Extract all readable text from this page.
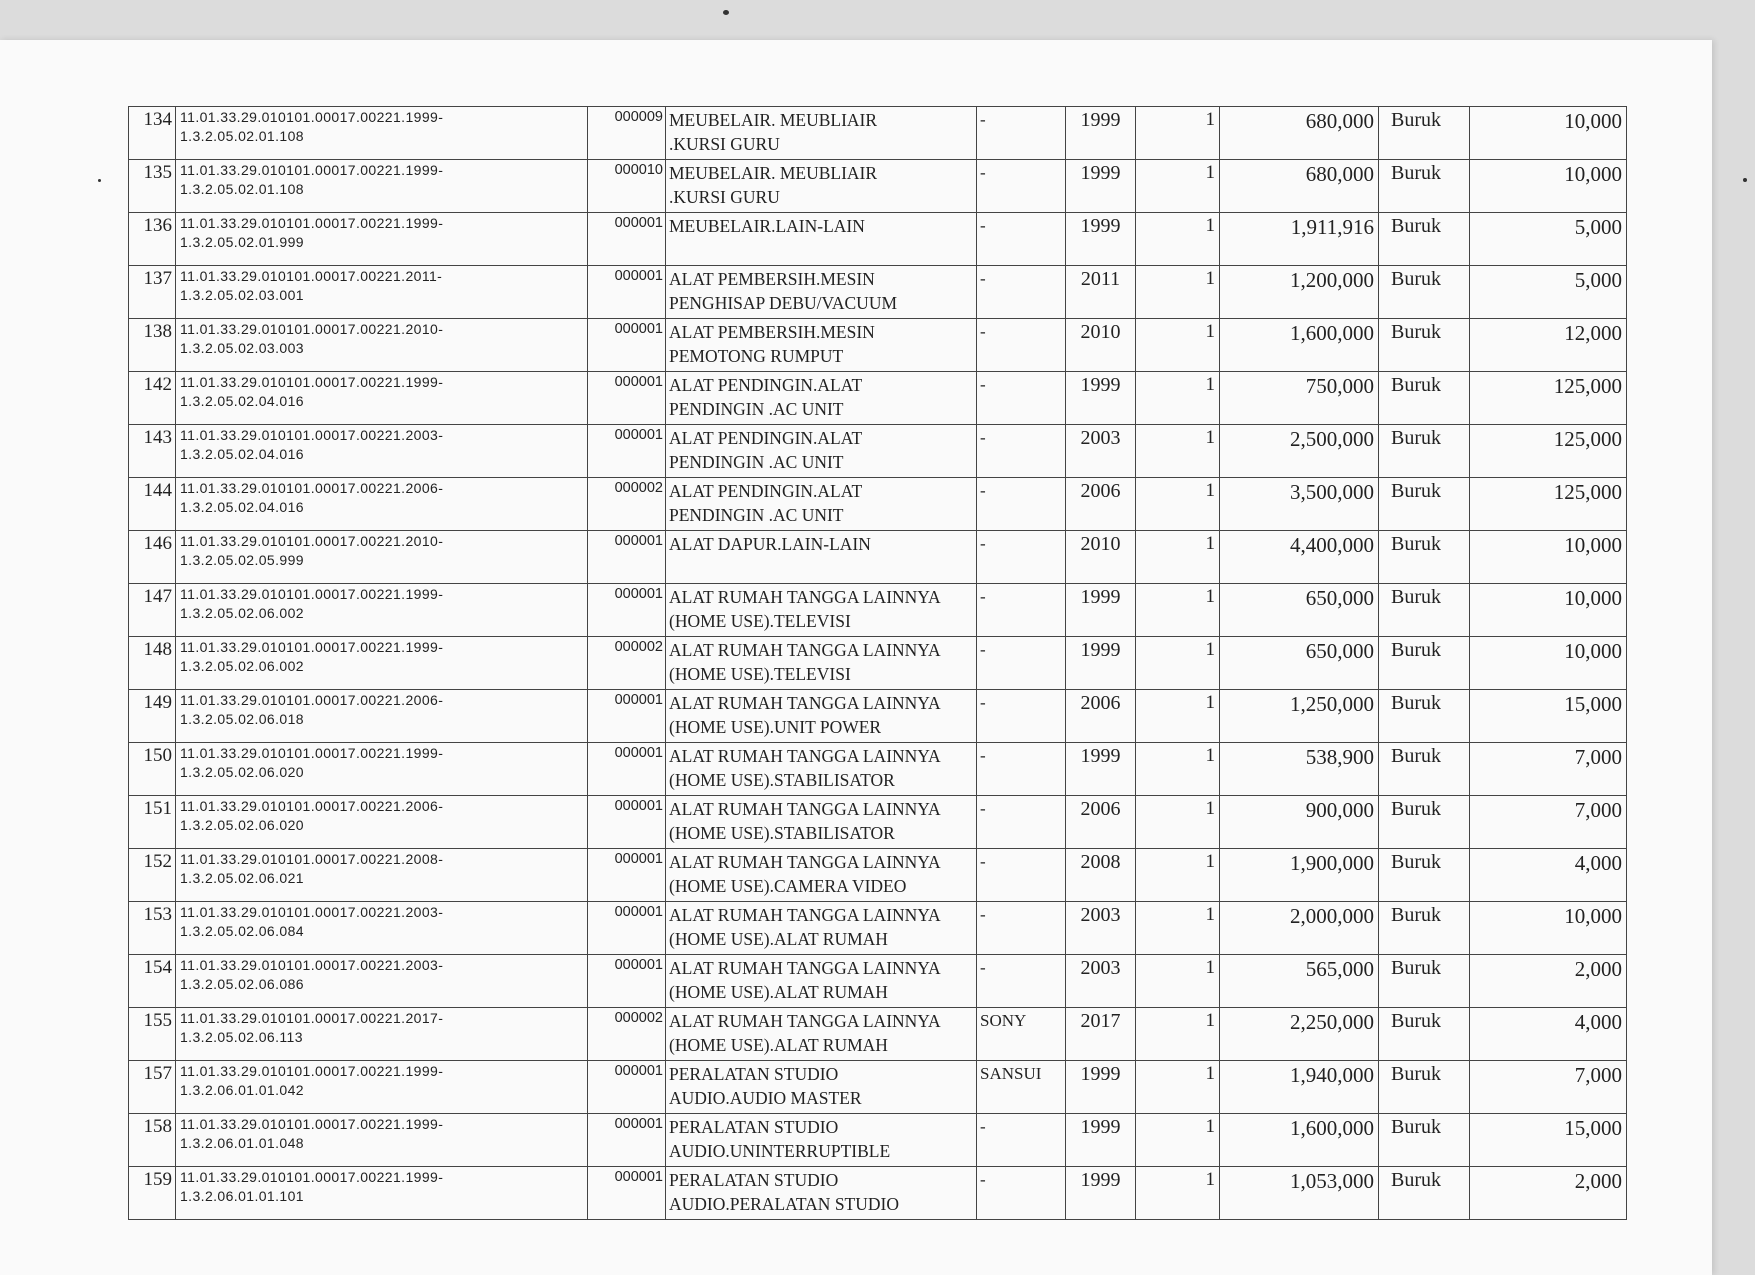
134	11.01.33.29.010101.00017.00221.1999-
1.3.2.05.02.01.108	000009	MEUBELAIR. MEUBLIAIR
.KURSI GURU	-	1999	1	680,000	Buruk	10,000
135	11.01.33.29.010101.00017.00221.1999-
1.3.2.05.02.01.108	000010	MEUBELAIR. MEUBLIAIR
.KURSI GURU	-	1999	1	680,000	Buruk	10,000
136	11.01.33.29.010101.00017.00221.1999-
1.3.2.05.02.01.999	000001	MEUBELAIR.LAIN-LAIN	-	1999	1	1,911,916	Buruk	5,000
137	11.01.33.29.010101.00017.00221.2011-
1.3.2.05.02.03.001	000001	ALAT PEMBERSIH.MESIN
PENGHISAP DEBU/VACUUM	-	2011	1	1,200,000	Buruk	5,000
138	11.01.33.29.010101.00017.00221.2010-
1.3.2.05.02.03.003	000001	ALAT PEMBERSIH.MESIN
PEMOTONG RUMPUT	-	2010	1	1,600,000	Buruk	12,000
142	11.01.33.29.010101.00017.00221.1999-
1.3.2.05.02.04.016	000001	ALAT PENDINGIN.ALAT
PENDINGIN .AC UNIT	-	1999	1	750,000	Buruk	125,000
143	11.01.33.29.010101.00017.00221.2003-
1.3.2.05.02.04.016	000001	ALAT PENDINGIN.ALAT
PENDINGIN .AC UNIT	-	2003	1	2,500,000	Buruk	125,000
144	11.01.33.29.010101.00017.00221.2006-
1.3.2.05.02.04.016	000002	ALAT PENDINGIN.ALAT
PENDINGIN .AC UNIT	-	2006	1	3,500,000	Buruk	125,000
146	11.01.33.29.010101.00017.00221.2010-
1.3.2.05.02.05.999	000001	ALAT DAPUR.LAIN-LAIN	-	2010	1	4,400,000	Buruk	10,000
147	11.01.33.29.010101.00017.00221.1999-
1.3.2.05.02.06.002	000001	ALAT RUMAH TANGGA LAINNYA
(HOME USE).TELEVISI	-	1999	1	650,000	Buruk	10,000
148	11.01.33.29.010101.00017.00221.1999-
1.3.2.05.02.06.002	000002	ALAT RUMAH TANGGA LAINNYA
(HOME USE).TELEVISI	-	1999	1	650,000	Buruk	10,000
149	11.01.33.29.010101.00017.00221.2006-
1.3.2.05.02.06.018	000001	ALAT RUMAH TANGGA LAINNYA
(HOME USE).UNIT POWER	-	2006	1	1,250,000	Buruk	15,000
150	11.01.33.29.010101.00017.00221.1999-
1.3.2.05.02.06.020	000001	ALAT RUMAH TANGGA LAINNYA
(HOME USE).STABILISATOR	-	1999	1	538,900	Buruk	7,000
151	11.01.33.29.010101.00017.00221.2006-
1.3.2.05.02.06.020	000001	ALAT RUMAH TANGGA LAINNYA
(HOME USE).STABILISATOR	-	2006	1	900,000	Buruk	7,000
152	11.01.33.29.010101.00017.00221.2008-
1.3.2.05.02.06.021	000001	ALAT RUMAH TANGGA LAINNYA
(HOME USE).CAMERA VIDEO	-	2008	1	1,900,000	Buruk	4,000
153	11.01.33.29.010101.00017.00221.2003-
1.3.2.05.02.06.084	000001	ALAT RUMAH TANGGA LAINNYA
(HOME USE).ALAT RUMAH	-	2003	1	2,000,000	Buruk	10,000
154	11.01.33.29.010101.00017.00221.2003-
1.3.2.05.02.06.086	000001	ALAT RUMAH TANGGA LAINNYA
(HOME USE).ALAT RUMAH	-	2003	1	565,000	Buruk	2,000
155	11.01.33.29.010101.00017.00221.2017-
1.3.2.05.02.06.113	000002	ALAT RUMAH TANGGA LAINNYA
(HOME USE).ALAT RUMAH	SONY	2017	1	2,250,000	Buruk	4,000
157	11.01.33.29.010101.00017.00221.1999-
1.3.2.06.01.01.042	000001	PERALATAN STUDIO
AUDIO.AUDIO MASTER	SANSUI	1999	1	1,940,000	Buruk	7,000
158	11.01.33.29.010101.00017.00221.1999-
1.3.2.06.01.01.048	000001	PERALATAN STUDIO
AUDIO.UNINTERRUPTIBLE	-	1999	1	1,600,000	Buruk	15,000
159	11.01.33.29.010101.00017.00221.1999-
1.3.2.06.01.01.101	000001	PERALATAN STUDIO
AUDIO.PERALATAN STUDIO	-	1999	1	1,053,000	Buruk	2,000
